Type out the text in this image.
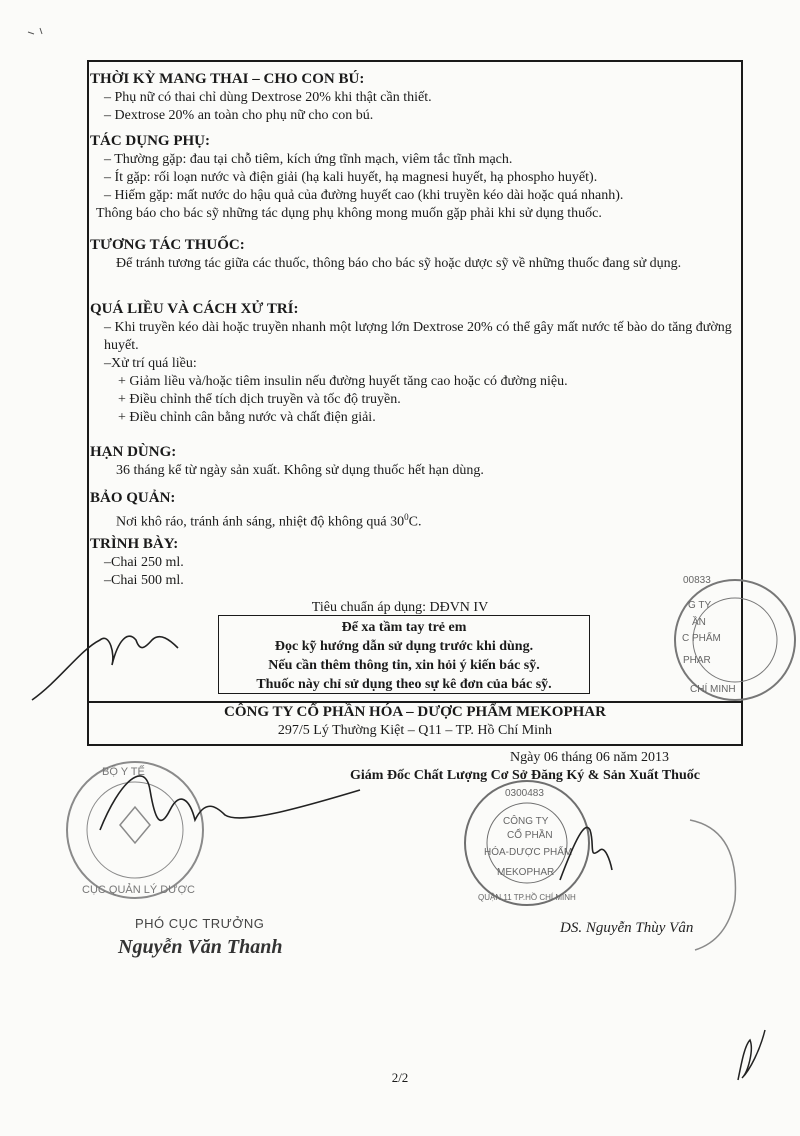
THỜI KỲ MANG THAI – CHO CON BÚ:
– Phụ nữ có thai chỉ dùng Dextrose 20% khi thật cần thiết.
– Dextrose 20% an toàn cho phụ nữ cho con bú.
TÁC DỤNG PHỤ:
– Thường gặp: đau tại chỗ tiêm, kích ứng tĩnh mạch, viêm tắc tĩnh mạch.
– Ít gặp: rối loạn nước và điện giải (hạ kali huyết, hạ magnesi huyết, hạ phospho huyết).
– Hiếm gặp: mất nước do hậu quả của đường huyết cao (khi truyền kéo dài hoặc quá nhanh).
Thông báo cho bác sỹ những tác dụng phụ không mong muốn gặp phải khi sử dụng thuốc.
TƯƠNG TÁC THUỐC:
Để tránh tương tác giữa các thuốc, thông báo cho bác sỹ hoặc dược sỹ về những thuốc đang sử dụng.
QUÁ LIỀU VÀ CÁCH XỬ TRÍ:
– Khi truyền kéo dài hoặc truyền nhanh một lượng lớn Dextrose 20% có thể gây mất nước tế bào do tăng đường huyết.
–Xử trí quá liều:
+ Giảm liều và/hoặc tiêm insulin nếu đường huyết tăng cao hoặc có đường niệu.
+ Điều chỉnh thể tích dịch truyền và tốc độ truyền.
+ Điều chỉnh cân bằng nước và chất điện giải.
HẠN DÙNG:
36 tháng kể từ ngày sản xuất. Không sử dụng thuốc hết hạn dùng.
BẢO QUẢN:
Nơi khô ráo, tránh ánh sáng, nhiệt độ không quá $30^0C$.
TRÌNH BÀY:
–Chai 250 ml.
–Chai 500 ml.
Tiêu chuẩn áp dụng: DĐVN IV
Để xa tầm tay trẻ em
Đọc kỹ hướng dẫn sử dụng trước khi dùng.
Nếu cần thêm thông tin, xin hỏi ý kiến bác sỹ.
Thuốc này chỉ sử dụng theo sự kê đơn của bác sỹ.
CÔNG TY CỔ PHẦN HÓA – DƯỢC PHẨM MEKOPHAR
297/5 Lý Thường Kiệt – Q11 – TP. Hồ Chí Minh
Ngày 06 tháng 06 năm 2013
Giám Đốc Chất Lượng Cơ Sở Đăng Ký & Sản Xuất Thuốc
PHÓ CỤC TRƯỞNG
Nguyễn Văn Thanh
DS. Nguyễn Thùy Vân
2/2
00833
G TY
ẦN
C PHẨM
PHAR
CHÍ MINH
BỘ Y TẾ
CỤC QUẢN LÝ DƯỢC
0300483
CÔNG TY
CỔ PHẦN
HÓA-DƯỢC PHẨM
MEKOPHAR
QUẬN 11 TP.HỒ CHÍ MINH
